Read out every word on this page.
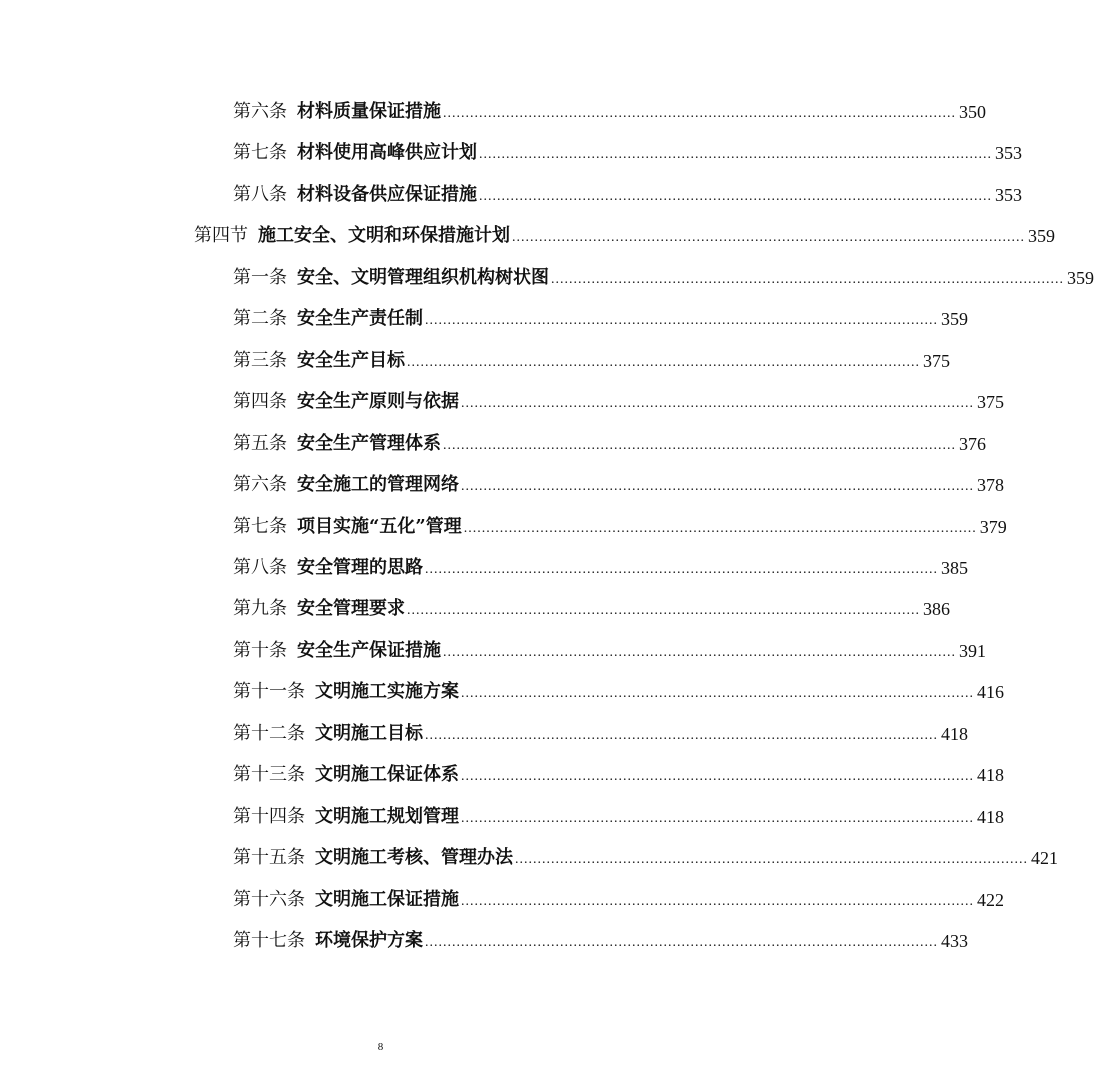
第六条 材料质量保证措施 .................................................................................................................. 350
第七条 材料使用高峰供应计划 .................................................................................................................. 353
第八条 材料设备供应保证措施 .................................................................................................................. 353
第四节 施工安全、文明和环保措施计划 .................................................................................................................. 359
第一条 安全、文明管理组织机构树状图 .................................................................................................................. 359
第二条 安全生产责任制 .................................................................................................................. 359
第三条 安全生产目标 .................................................................................................................. 375
第四条 安全生产原则与依据 .................................................................................................................. 375
第五条 安全生产管理体系 .................................................................................................................. 376
第六条 安全施工的管理网络 .................................................................................................................. 378
第七条 项目实施“五化”管理 .................................................................................................................. 379
第八条 安全管理的思路 .................................................................................................................. 385
第九条 安全管理要求 .................................................................................................................. 386
第十条 安全生产保证措施 .................................................................................................................. 391
第十一条 文明施工实施方案 .................................................................................................................. 416
第十二条 文明施工目标 .................................................................................................................. 418
第十三条 文明施工保证体系 .................................................................................................................. 418
第十四条 文明施工规划管理 .................................................................................................................. 418
第十五条 文明施工考核、管理办法 .................................................................................................................. 421
第十六条 文明施工保证措施 .................................................................................................................. 422
第十七条 环境保护方案 .................................................................................................................. 433
8
